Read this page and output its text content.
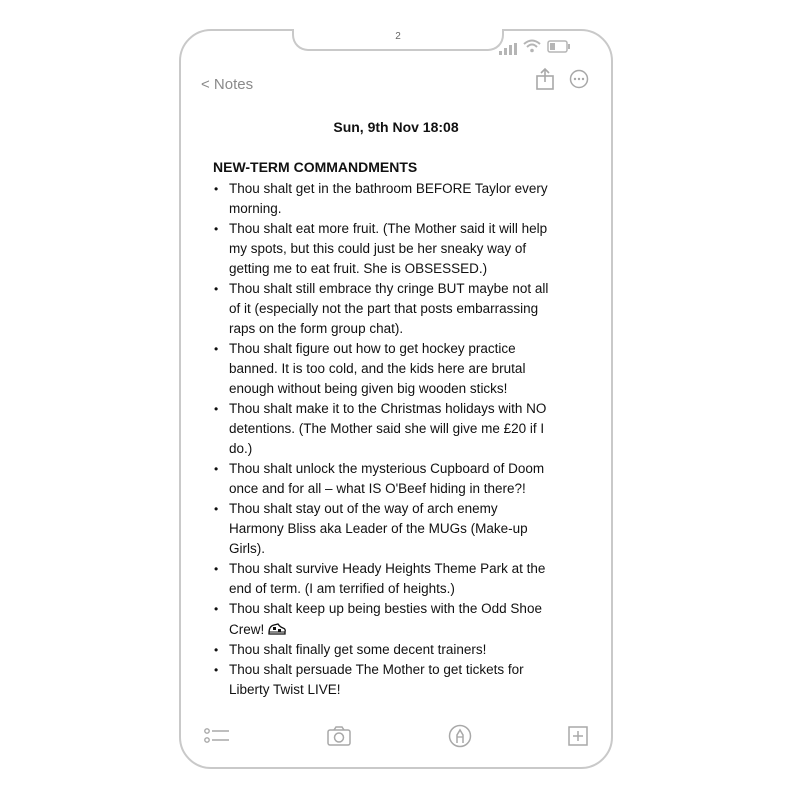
2
< Notes
Sun, 9th Nov 18:08
NEW-TERM COMMANDMENTS
• Thou shalt get in the bathroom BEFORE Taylor every morning.
• Thou shalt eat more fruit. (The Mother said it will help my spots, but this could just be her sneaky way of getting me to eat fruit. She is OBSESSED.)
• Thou shalt still embrace thy cringe BUT maybe not all of it (especially not the part that posts embarrassing raps on the form group chat).
• Thou shalt figure out how to get hockey practice banned. It is too cold, and the kids here are brutal enough without being given big wooden sticks!
• Thou shalt make it to the Christmas holidays with NO detentions. (The Mother said she will give me £20 if I do.)
• Thou shalt unlock the mysterious Cupboard of Doom once and for all – what IS O'Beef hiding in there?!
• Thou shalt stay out of the way of arch enemy Harmony Bliss aka Leader of the MUGs (Make-up Girls).
• Thou shalt survive Heady Heights Theme Park at the end of term. (I am terrified of heights.)
• Thou shalt keep up being besties with the Odd Shoe Crew!
• Thou shalt finally get some decent trainers!
• Thou shalt persuade The Mother to get tickets for Liberty Twist LIVE!
